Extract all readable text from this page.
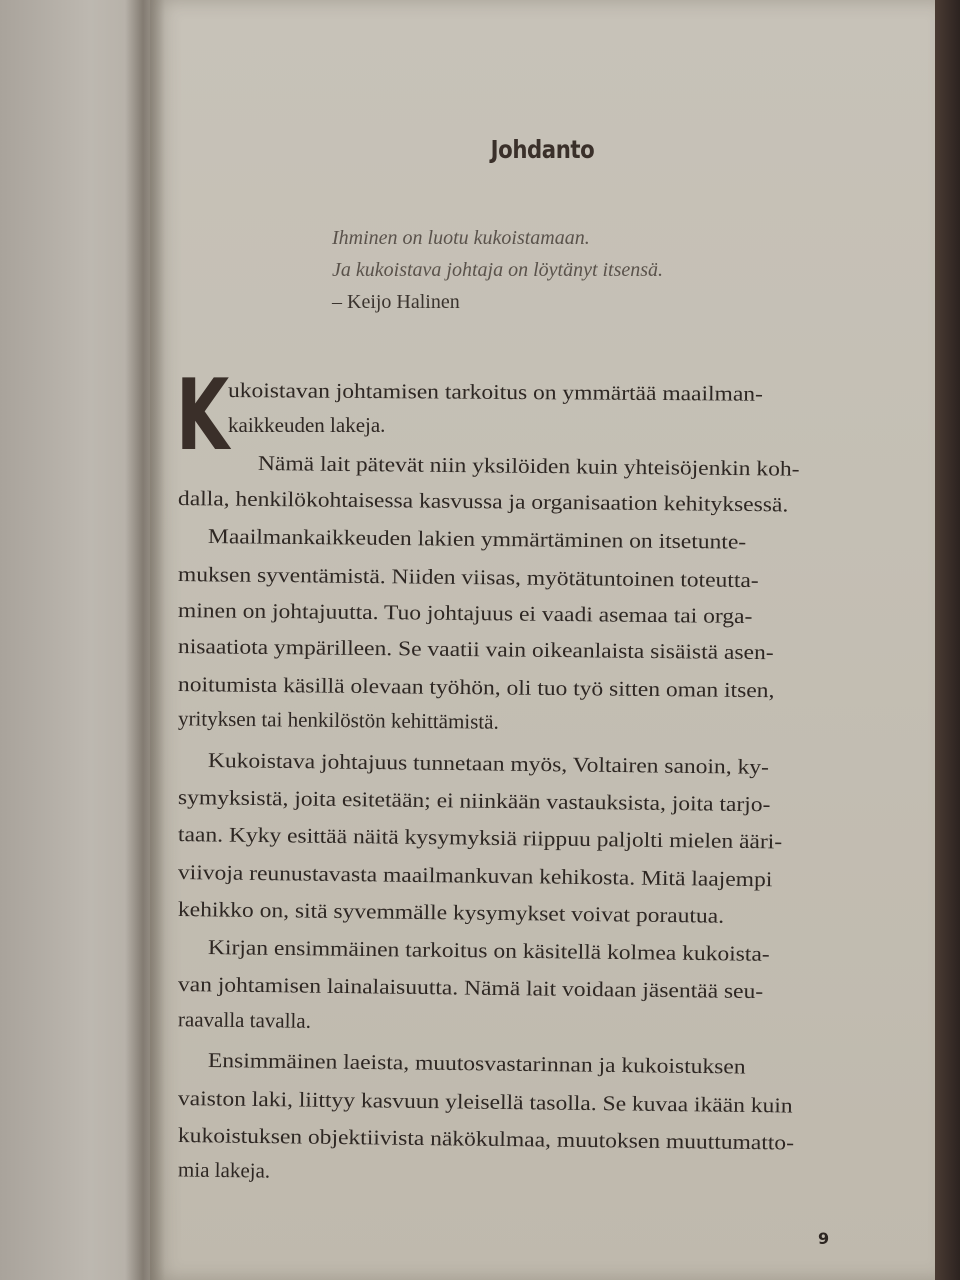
Johdanto
Ihminen on luotu kukoistamaan.
Ja kukoistava johtaja on löytänyt itsensä.
– Keijo Halinen
K
ukoistavan johtamisen tarkoitus on ymmärtää maailman-
kaikkeuden lakeja.
Nämä lait pätevät niin yksilöiden kuin yhteisöjenkin koh-
dalla, henkilökohtaisessa kasvussa ja organisaation kehityksessä.
Maailmankaikkeuden lakien ymmärtäminen on itsetunte-
muksen syventämistä. Niiden viisas, myötätuntoinen toteutta-
minen on johtajuutta. Tuo johtajuus ei vaadi asemaa tai orga-
nisaatiota ympärilleen. Se vaatii vain oikeanlaista sisäistä asen-
noitumista käsillä olevaan työhön, oli tuo työ sitten oman itsen,
yrityksen tai henkilöstön kehittämistä.
Kukoistava johtajuus tunnetaan myös, Voltairen sanoin, ky-
symyksistä, joita esitetään; ei niinkään vastauksista, joita tarjo-
taan. Kyky esittää näitä kysymyksiä riippuu paljolti mielen ääri-
viivoja reunustavasta maailmankuvan kehikosta. Mitä laajempi
kehikko on, sitä syvemmälle kysymykset voivat porautua.
Kirjan ensimmäinen tarkoitus on käsitellä kolmea kukoista-
van johtamisen lainalaisuutta. Nämä lait voidaan jäsentää seu-
raavalla tavalla.
Ensimmäinen laeista, muutosvastarinnan ja kukoistuksen
vaiston laki, liittyy kasvuun yleisellä tasolla. Se kuvaa ikään kuin
kukoistuksen objektiivista näkökulmaa, muutoksen muuttumatto-
mia lakeja.
9
